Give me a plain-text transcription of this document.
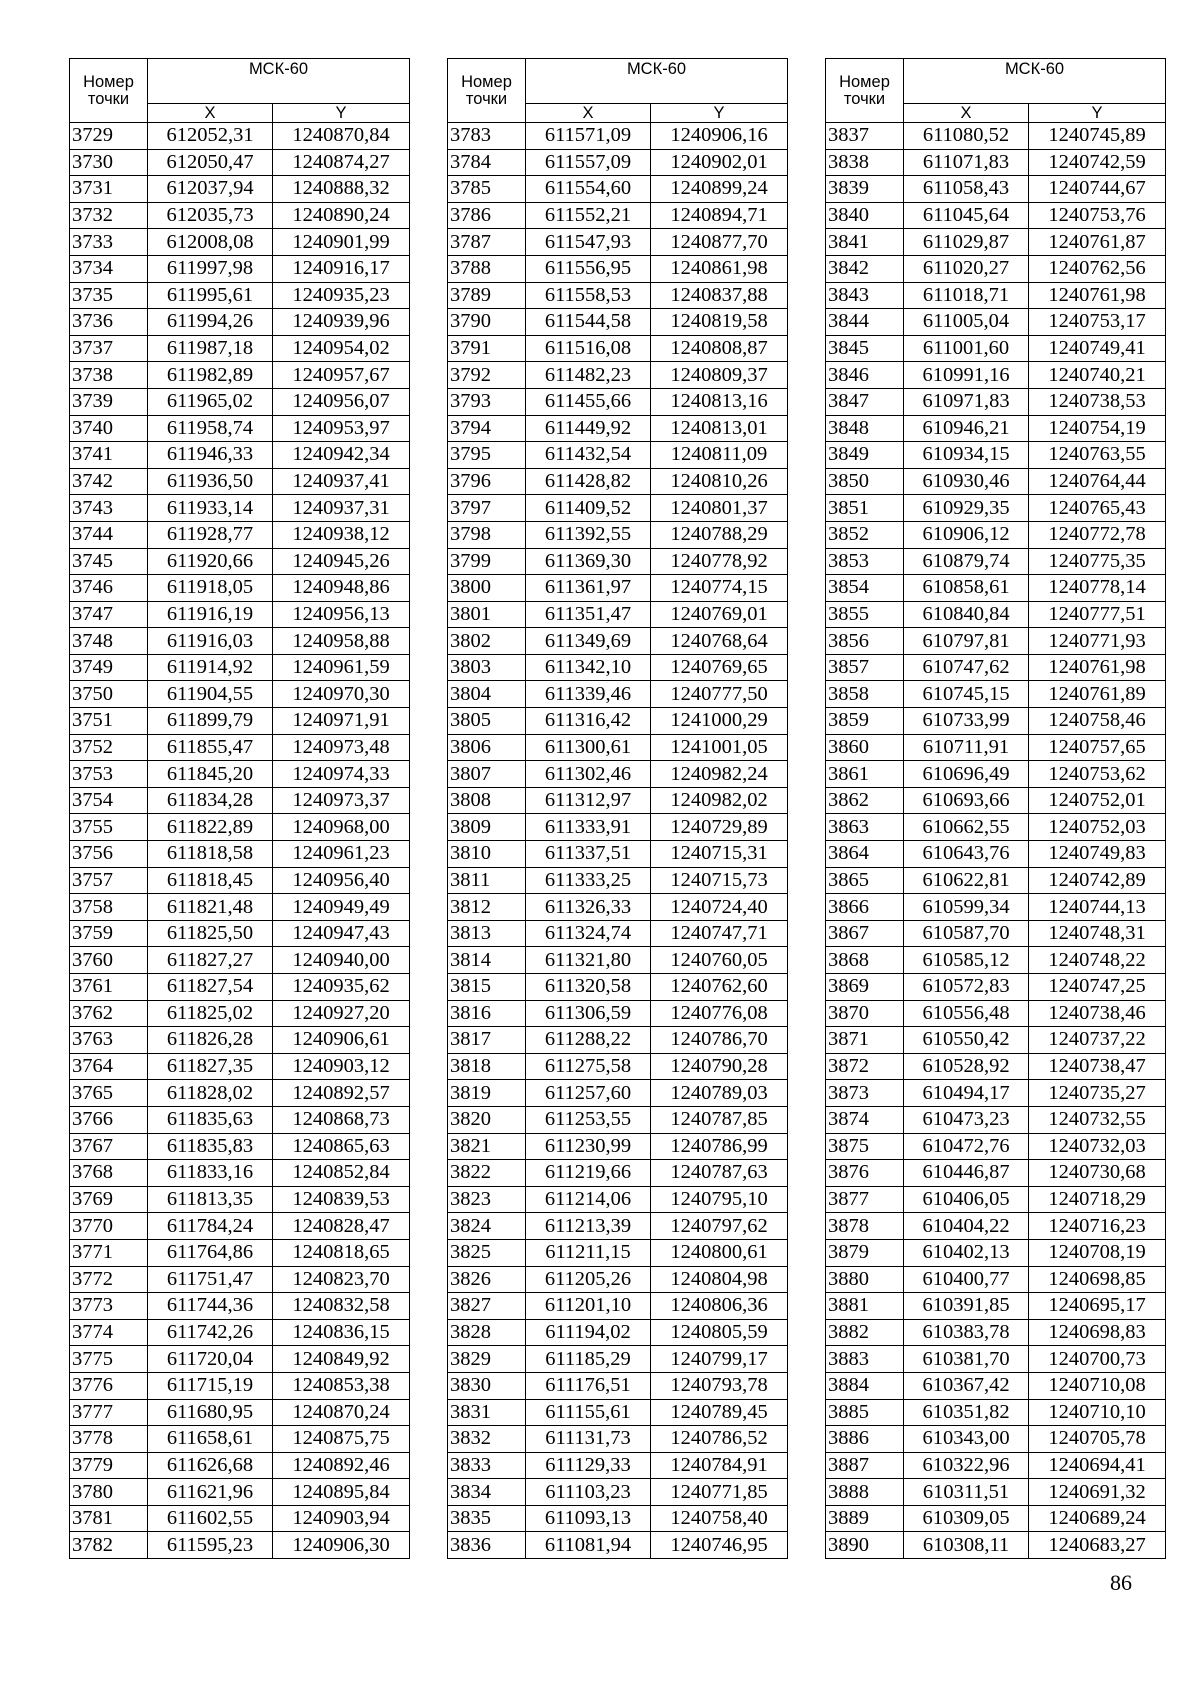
Номер точки	МСК-60	
	X	Y
3729	612052,31	1240870,84
3730	612050,47	1240874,27
3731	612037,94	1240888,32
3732	612035,73	1240890,24
3733	612008,08	1240901,99
3734	611997,98	1240916,17
3735	611995,61	1240935,23
3736	611994,26	1240939,96
3737	611987,18	1240954,02
3738	611982,89	1240957,67
3739	611965,02	1240956,07
3740	611958,74	1240953,97
3741	611946,33	1240942,34
3742	611936,50	1240937,41
3743	611933,14	1240937,31
3744	611928,77	1240938,12
3745	611920,66	1240945,26
3746	611918,05	1240948,86
3747	611916,19	1240956,13
3748	611916,03	1240958,88
3749	611914,92	1240961,59
3750	611904,55	1240970,30
3751	611899,79	1240971,91
3752	611855,47	1240973,48
3753	611845,20	1240974,33
3754	611834,28	1240973,37
3755	611822,89	1240968,00
3756	611818,58	1240961,23
3757	611818,45	1240956,40
3758	611821,48	1240949,49
3759	611825,50	1240947,43
3760	611827,27	1240940,00
3761	611827,54	1240935,62
3762	611825,02	1240927,20
3763	611826,28	1240906,61
3764	611827,35	1240903,12
3765	611828,02	1240892,57
3766	611835,63	1240868,73
3767	611835,83	1240865,63
3768	611833,16	1240852,84
3769	611813,35	1240839,53
3770	611784,24	1240828,47
3771	611764,86	1240818,65
3772	611751,47	1240823,70
3773	611744,36	1240832,58
3774	611742,26	1240836,15
3775	611720,04	1240849,92
3776	611715,19	1240853,38
3777	611680,95	1240870,24
3778	611658,61	1240875,75
3779	611626,68	1240892,46
3780	611621,96	1240895,84
3781	611602,55	1240903,94
3782	611595,23	1240906,30
Номер точки	МСК-60	
	X	Y
3783	611571,09	1240906,16
3784	611557,09	1240902,01
3785	611554,60	1240899,24
3786	611552,21	1240894,71
3787	611547,93	1240877,70
3788	611556,95	1240861,98
3789	611558,53	1240837,88
3790	611544,58	1240819,58
3791	611516,08	1240808,87
3792	611482,23	1240809,37
3793	611455,66	1240813,16
3794	611449,92	1240813,01
3795	611432,54	1240811,09
3796	611428,82	1240810,26
3797	611409,52	1240801,37
3798	611392,55	1240788,29
3799	611369,30	1240778,92
3800	611361,97	1240774,15
3801	611351,47	1240769,01
3802	611349,69	1240768,64
3803	611342,10	1240769,65
3804	611339,46	1240777,50
3805	611316,42	1241000,29
3806	611300,61	1241001,05
3807	611302,46	1240982,24
3808	611312,97	1240982,02
3809	611333,91	1240729,89
3810	611337,51	1240715,31
3811	611333,25	1240715,73
3812	611326,33	1240724,40
3813	611324,74	1240747,71
3814	611321,80	1240760,05
3815	611320,58	1240762,60
3816	611306,59	1240776,08
3817	611288,22	1240786,70
3818	611275,58	1240790,28
3819	611257,60	1240789,03
3820	611253,55	1240787,85
3821	611230,99	1240786,99
3822	611219,66	1240787,63
3823	611214,06	1240795,10
3824	611213,39	1240797,62
3825	611211,15	1240800,61
3826	611205,26	1240804,98
3827	611201,10	1240806,36
3828	611194,02	1240805,59
3829	611185,29	1240799,17
3830	611176,51	1240793,78
3831	611155,61	1240789,45
3832	611131,73	1240786,52
3833	611129,33	1240784,91
3834	611103,23	1240771,85
3835	611093,13	1240758,40
3836	611081,94	1240746,95
Номер точки	МСК-60	
	X	Y
3837	611080,52	1240745,89
3838	611071,83	1240742,59
3839	611058,43	1240744,67
3840	611045,64	1240753,76
3841	611029,87	1240761,87
3842	611020,27	1240762,56
3843	611018,71	1240761,98
3844	611005,04	1240753,17
3845	611001,60	1240749,41
3846	610991,16	1240740,21
3847	610971,83	1240738,53
3848	610946,21	1240754,19
3849	610934,15	1240763,55
3850	610930,46	1240764,44
3851	610929,35	1240765,43
3852	610906,12	1240772,78
3853	610879,74	1240775,35
3854	610858,61	1240778,14
3855	610840,84	1240777,51
3856	610797,81	1240771,93
3857	610747,62	1240761,98
3858	610745,15	1240761,89
3859	610733,99	1240758,46
3860	610711,91	1240757,65
3861	610696,49	1240753,62
3862	610693,66	1240752,01
3863	610662,55	1240752,03
3864	610643,76	1240749,83
3865	610622,81	1240742,89
3866	610599,34	1240744,13
3867	610587,70	1240748,31
3868	610585,12	1240748,22
3869	610572,83	1240747,25
3870	610556,48	1240738,46
3871	610550,42	1240737,22
3872	610528,92	1240738,47
3873	610494,17	1240735,27
3874	610473,23	1240732,55
3875	610472,76	1240732,03
3876	610446,87	1240730,68
3877	610406,05	1240718,29
3878	610404,22	1240716,23
3879	610402,13	1240708,19
3880	610400,77	1240698,85
3881	610391,85	1240695,17
3882	610383,78	1240698,83
3883	610381,70	1240700,73
3884	610367,42	1240710,08
3885	610351,82	1240710,10
3886	610343,00	1240705,78
3887	610322,96	1240694,41
3888	610311,51	1240691,32
3889	610309,05	1240689,24
3890	610308,11	1240683,27
86
